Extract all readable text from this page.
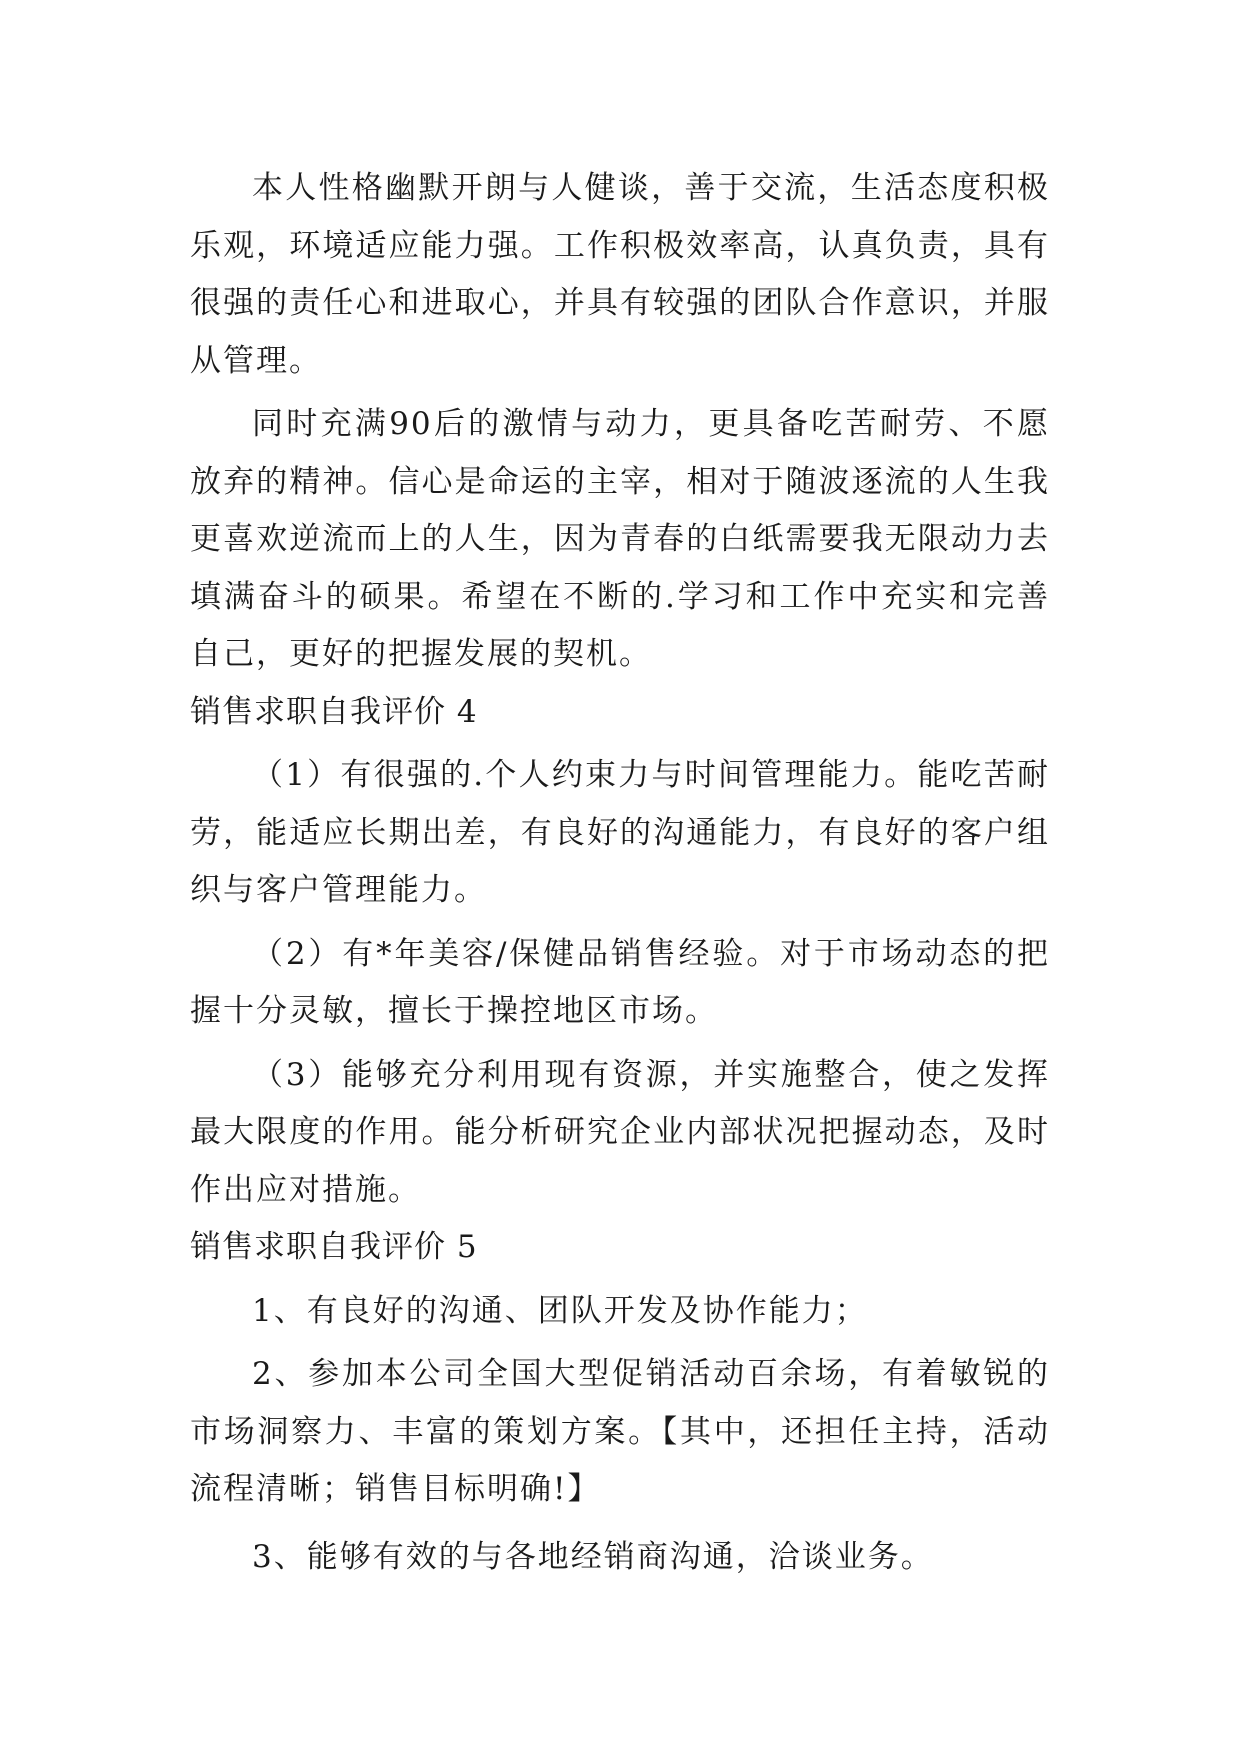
本人性格幽默开朗与人健谈，善于交流，生活态度积极乐观，环境适应能力强。工作积极效率高，认真负责，具有很强的责任心和进取心，并具有较强的团队合作意识，并服从管理。

同时充满90后的激情与动力，更具备吃苦耐劳、不愿放弃的精神。信心是命运的主宰，相对于随波逐流的人生我更喜欢逆流而上的人生，因为青春的白纸需要我无限动力去填满奋斗的硕果。希望在不断的.学习和工作中充实和完善自己，更好的把握发展的契机。

销售求职自我评价 4

（1）有很强的.个人约束力与时间管理能力。能吃苦耐劳，能适应长期出差，有良好的沟通能力，有良好的客户组织与客户管理能力。

（2）有*年美容/保健品销售经验。对于市场动态的把握十分灵敏，擅长于操控地区市场。

（3）能够充分利用现有资源，并实施整合，使之发挥最大限度的作用。能分析研究企业内部状况把握动态，及时作出应对措施。

销售求职自我评价 5

1、有良好的沟通、团队开发及协作能力；

2、参加本公司全国大型促销活动百余场，有着敏锐的市场洞察力、丰富的策划方案。【其中，还担任主持，活动流程清晰；销售目标明确!】

3、能够有效的与各地经销商沟通，洽谈业务。
